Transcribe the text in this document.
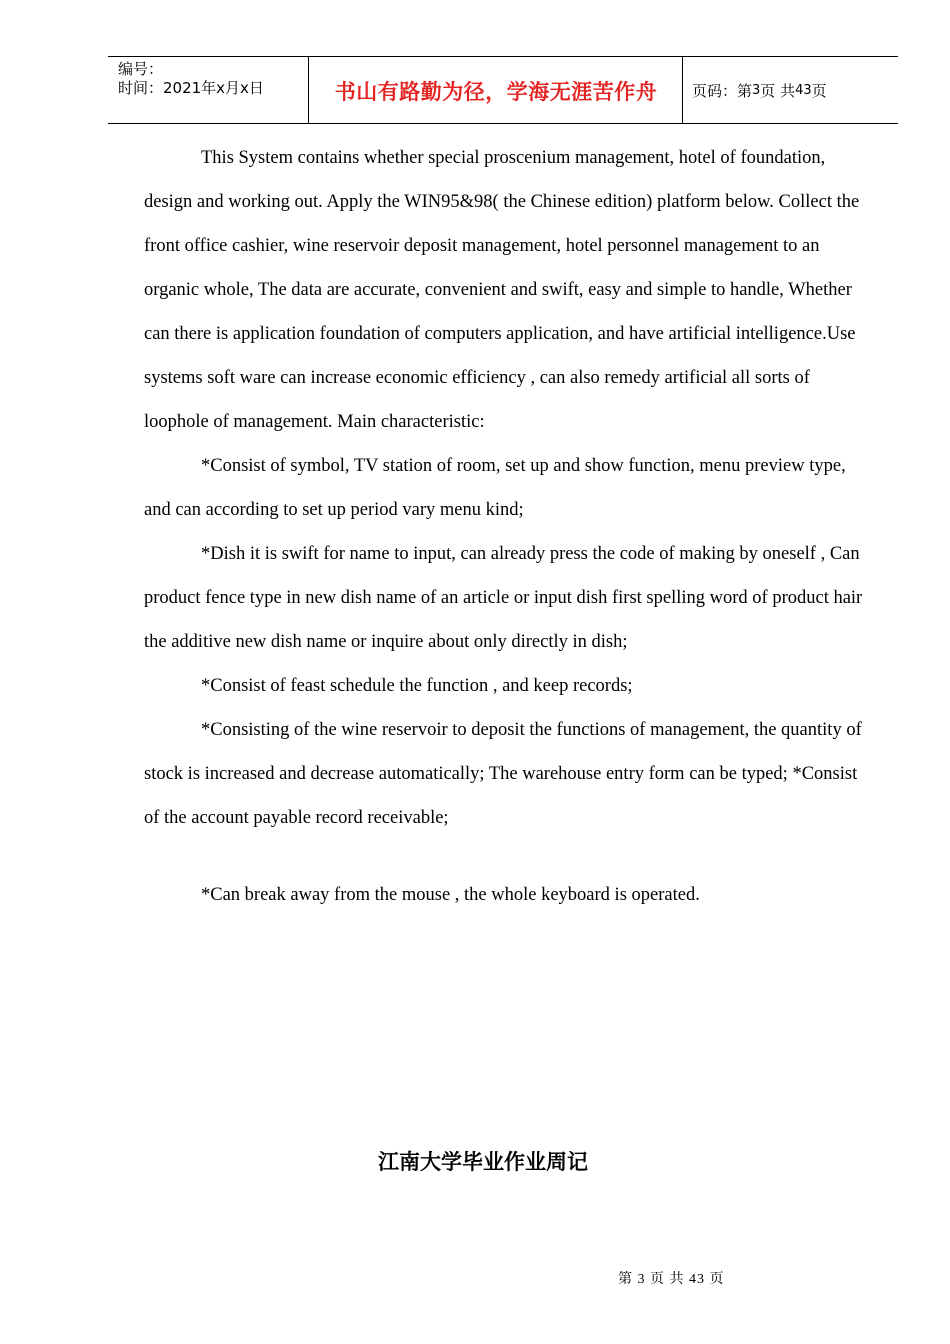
编号：
时间：2021年x月x日	书山有路勤为径，学海无涯苦作舟	页码：第 3 页 共 43 页

This System contains whether special proscenium management, hotel of foundation, design and working out. Apply the WIN95&98( the Chinese edition) platform below. Collect the front office cashier, wine reservoir deposit management, hotel personnel management to an organic whole, The data are accurate, convenient and swift, easy and simple to handle, Whether can there is application foundation of computers application, and have artificial intelligence.Use systems soft ware can increase economic efficiency , can also remedy artificial all sorts of loophole of management. Main characteristic:

*Consist of symbol, TV station of room, set up and show function, menu preview type, and can according to set up period vary menu kind;

*Dish it is swift for name to input, can already press the code of making by oneself , Can product fence type in new dish name of an article or input dish first spelling word of product hair the additive new dish name or inquire about only directly in dish;

*Consist of feast schedule the function , and keep records;

*Consisting of the wine reservoir to deposit the functions of management, the quantity of stock is increased and decrease automatically; The warehouse entry form can be typed; *Consist of the account payable record receivable;

*Can break away from the mouse , the whole keyboard is operated.

江南大学毕业作业周记
第 3 页 共 43 页
